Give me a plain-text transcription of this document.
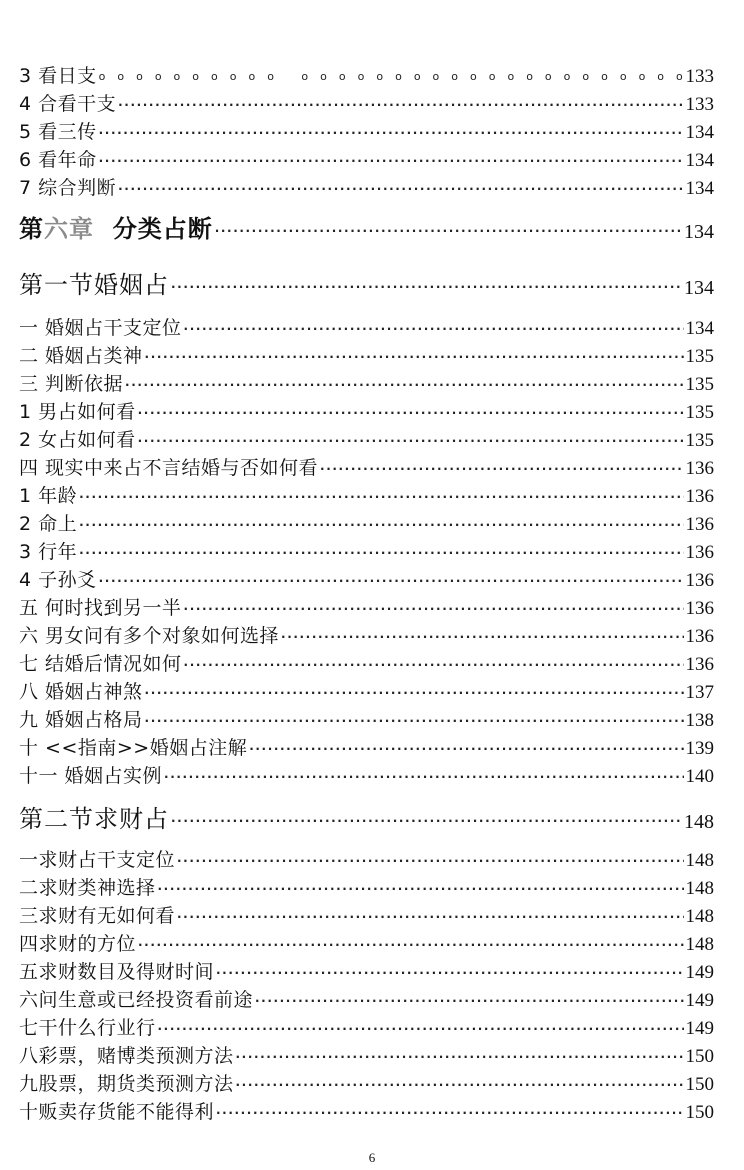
3 看日支 oooooooooo oooooooooooooooooooooooooooooooooo	133
4 合看干支 ·····	133
5 看三传 ·····	134
6 看年命 ·····	134
7 综合判断 ·····	134
第六章  分类占断 ·····	134
第一节婚姻占 ·····	134
一 婚姻占干支定位 ·····	134
二 婚姻占类神 ·····	135
三 判断依据 ·····	135
1 男占如何看 ·····	135
2 女占如何看 ·····	135
四 现实中来占不言结婚与否如何看 ·····	136
1 年龄 ·····	136
2 命上 ·····	136
3 行年 ·····	136
4 子孙爻 ·····	136
五 何时找到另一半 ·····	136
六 男女问有多个对象如何选择 ·····	136
七 结婚后情况如何 ·····	136
八 婚姻占神煞 ·····	137
九 婚姻占格局 ·····	138
十 <<指南>>婚姻占注解 ·····	139
十一 婚姻占实例 ·····	140
第二节求财占 ·····	148
一求财占干支定位 ·····	148
二求财类神选择 ·····	148
三求财有无如何看 ·····	148
四求财的方位 ·····	148
五求财数目及得财时间 ·····	149
六问生意或已经投资看前途 ·····	149
七干什么行业行 ·····	149
八彩票，赌博类预测方法 ·····	150
九股票，期货类预测方法 ·····	150
十贩卖存货能不能得利 ·····	150
6
